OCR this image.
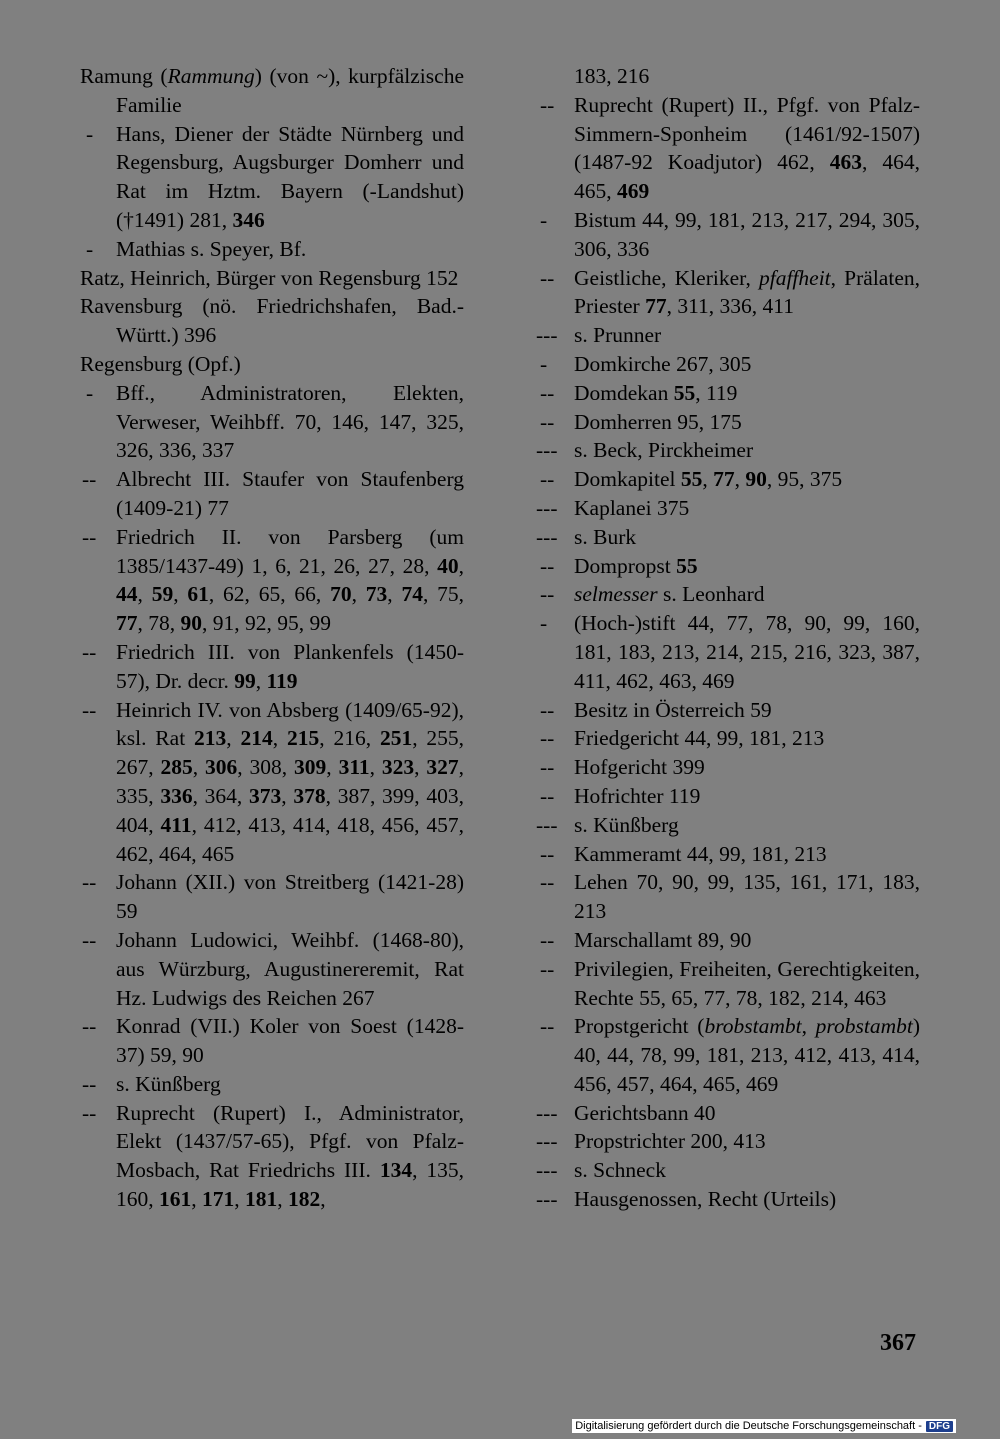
Ramung (Rammung) (von ~), kurpfälzische Familie
-	Hans, Diener der Städte Nürnberg und Regensburg, Augsburger Domherr und Rat im Hztm. Bayern (-Landshut) (†1491) 281, 346
-	Mathias s. Speyer, Bf.
Ratz, Heinrich, Bürger von Regensburg 152
Ravensburg (nö. Friedrichshafen, Bad.-Württ.) 396
Regensburg (Opf.)
-	Bff., Administratoren, Elekten, Verweser, Weihbff. 70, 146, 147, 325, 326, 336, 337
-- Albrecht III. Staufer von Staufenberg (1409-21) 77
-- Friedrich II. von Parsberg (um 1385/1437-49) 1, 6, 21, 26, 27, 28, 40, 44, 59, 61, 62, 65, 66, 70, 73, 74, 75, 77, 78, 90, 91, 92, 95, 99
-- Friedrich III. von Plankenfels (1450-57), Dr. decr. 99, 119
-- Heinrich IV. von Absberg (1409/65-92), ksl. Rat 213, 214, 215, 216, 251, 255, 267, 285, 306, 308, 309, 311, 323, 327, 335, 336, 364, 373, 378, 387, 399, 403, 404, 411, 412, 413, 414, 418, 456, 457, 462, 464, 465
-- Johann (XII.) von Streitberg (1421-28) 59
-- Johann Ludowici, Weihbf. (1468-80), aus Würzburg, Augustinereremit, Rat Hz. Ludwigs des Reichen 267
-- Konrad (VII.) Koler von Soest (1428-37) 59, 90
-- s. Künßberg
-- Ruprecht (Rupert) I., Administrator, Elekt (1437/57-65), Pfgf. von Pfalz-Mosbach, Rat Friedrichs III. 134, 135, 160, 161, 171, 181, 182,
183, 216
-- Ruprecht (Rupert) II., Pfgf. von Pfalz-Simmern-Sponheim (1461/92-1507) (1487-92 Koadjutor) 462, 463, 464, 465, 469
-	Bistum 44, 99, 181, 213, 217, 294, 305, 306, 336
-- Geistliche, Kleriker, pfaffheit, Prälaten, Priester 77, 311, 336, 411
--- s. Prunner
-	Domkirche 267, 305
-- Domdekan 55, 119
-- Domherren 95, 175
--- s. Beck, Pirckheimer
-- Domkapitel 55, 77, 90, 95, 375
--- Kaplanei 375
--- s. Burk
-- Dompropst 55
-- selmesser s. Leonhard
-	(Hoch-)stift 44, 77, 78, 90, 99, 160, 181, 183, 213, 214, 215, 216, 323, 387, 411, 462, 463, 469
-- Besitz in Österreich 59
-- Friedgericht 44, 99, 181, 213
-- Hofgericht 399
-- Hofrichter 119
--- s. Künßberg
-- Kammeramt 44, 99, 181, 213
-- Lehen 70, 90, 99, 135, 161, 171, 183, 213
-- Marschallamt 89, 90
-- Privilegien, Freiheiten, Gerechtigkeiten, Rechte 55, 65, 77, 78, 182, 214, 463
-- Propstgericht (brobstambt, probstambt) 40, 44, 78, 99, 181, 213, 412, 413, 414, 456, 457, 464, 465, 469
--- Gerichtsbann 40
--- Propstrichter 200, 413
--- s. Schneck
--- Hausgenossen, Recht (Urteils)
367
Digitalisierung gefördert durch die Deutsche Forschungsgemeinschaft - DFG
